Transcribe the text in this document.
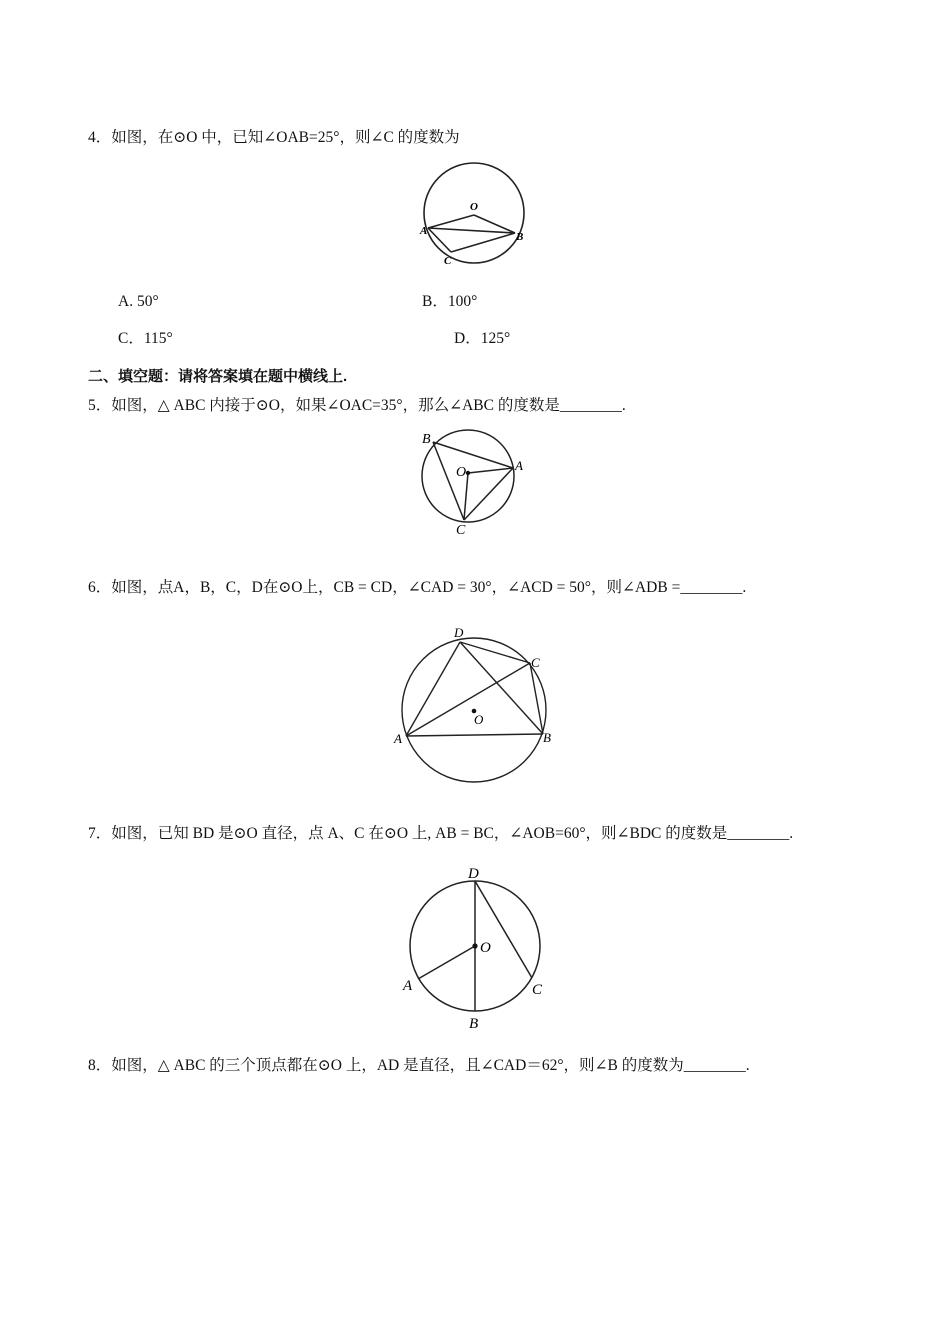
4．如图，在⊙O 中，已知∠OAB=25°，则∠C 的度数为
O
A	B
C
A. 50°	B．100°
C．115°	D．125°
二、填空题：请将答案填在题中横线上.
5．如图，△ ABC 内接于⊙O，如果∠OAC=35°，那么∠ABC 的度数是________.
B
O	A
C
6．如图，点A，B，C，D在⊙O上，CB = CD，∠CAD = 30°，∠ACD = 50°，则∠ADB =________.
D
C
O
A	B
7．如图，已知 BD 是⊙O 直径，点 A、C 在⊙O 上, AB = BC，∠AOB=60°，则∠BDC 的度数是________.
D
O
A	C
B
8．如图，△ ABC 的三个顶点都在⊙O 上，AD 是直径，且∠CAD＝62°，则∠B 的度数为________.
